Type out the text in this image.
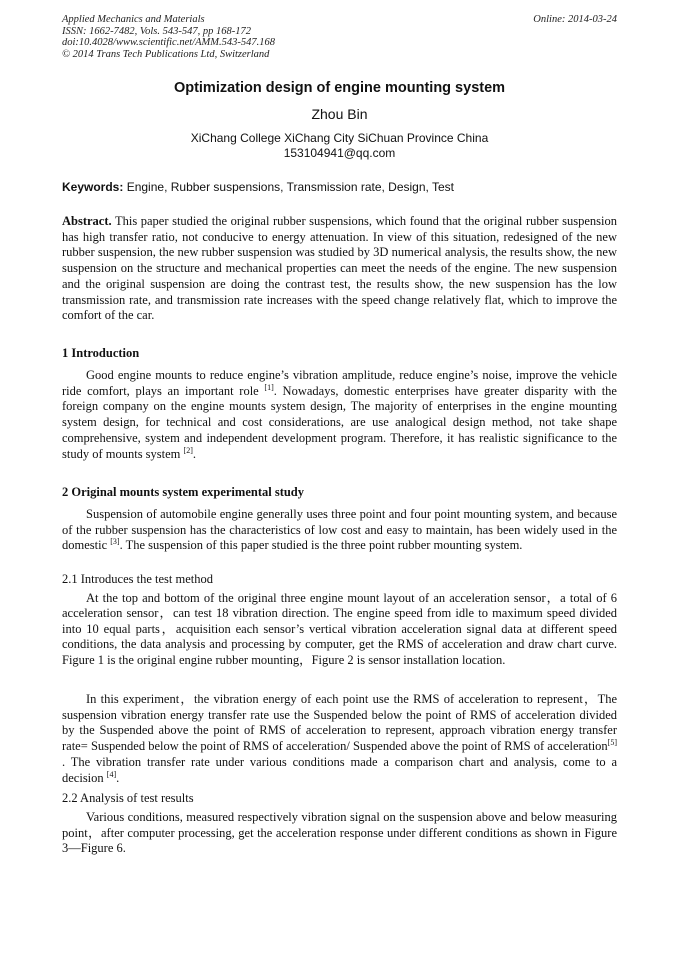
Applied Mechanics and Materials
ISSN: 1662-7482, Vols. 543-547, pp 168-172
doi:10.4028/www.scientific.net/AMM.543-547.168
© 2014 Trans Tech Publications Ltd, Switzerland
Online: 2014-03-24
Optimization design of engine mounting system
Zhou Bin
XiChang College XiChang City SiChuan Province China
153104941@qq.com
Keywords: Engine, Rubber suspensions, Transmission rate, Design, Test

Abstract. This paper studied the original rubber suspensions, which found that the original rubber suspension has high transfer ratio, not conducive to energy attenuation. In view of this situation, redesigned of the new rubber suspension, the new rubber suspension was studied by 3D numerical analysis, the results show, the new suspension on the structure and mechanical properties can meet the needs of the engine. The new suspension and the original suspension are doing the contrast test, the results show, the new suspension has the low transmission rate, and transmission rate increases with the speed change relatively flat, which to improve the comfort of the car.

1 Introduction

Good engine mounts to reduce engine’s vibration amplitude, reduce engine’s noise, improve the vehicle ride comfort, plays an important role [1]. Nowadays, domestic enterprises have greater disparity with the foreign company on the engine mounts system design, The majority of enterprises in the engine mounting system design, for technical and cost considerations, are use analogical design method, not take shape comprehensive, system and independent development program. Therefore, it has realistic significance to the study of mounts system [2].

2 Original mounts system experimental study

Suspension of automobile engine generally uses three point and four point mounting system, and because of the rubber suspension has the characteristics of low cost and easy to maintain, has been widely used in the domestic [3]. The suspension of this paper studied is the three point rubber mounting system.

2.1 Introduces the test method

At the top and bottom of the original three engine mount layout of an acceleration sensor，a total of 6 acceleration sensor，can test 18 vibration direction. The engine speed from idle to maximum speed divided into 10 equal parts，acquisition each sensor’s vertical vibration acceleration signal data at different speed conditions, the data analysis and processing by computer, get the RMS of acceleration and draw chart curve. Figure 1 is the original engine rubber mounting，Figure 2 is sensor installation location.

In this experiment，the vibration energy of each point use the RMS of acceleration to represent，The suspension vibration energy transfer rate use the Suspended below the point of RMS of acceleration divided by the Suspended above the point of RMS of acceleration to represent, approach vibration energy transfer rate= Suspended below the point of RMS of acceleration/ Suspended above the point of RMS of acceleration[5] . The vibration transfer rate under various conditions made a comparison chart and analysis, come to a decision [4].

2.2 Analysis of test results

Various conditions, measured respectively vibration signal on the suspension above and below measuring point，after computer processing, get the acceleration response under different conditions as shown in Figure 3—Figure 6.
